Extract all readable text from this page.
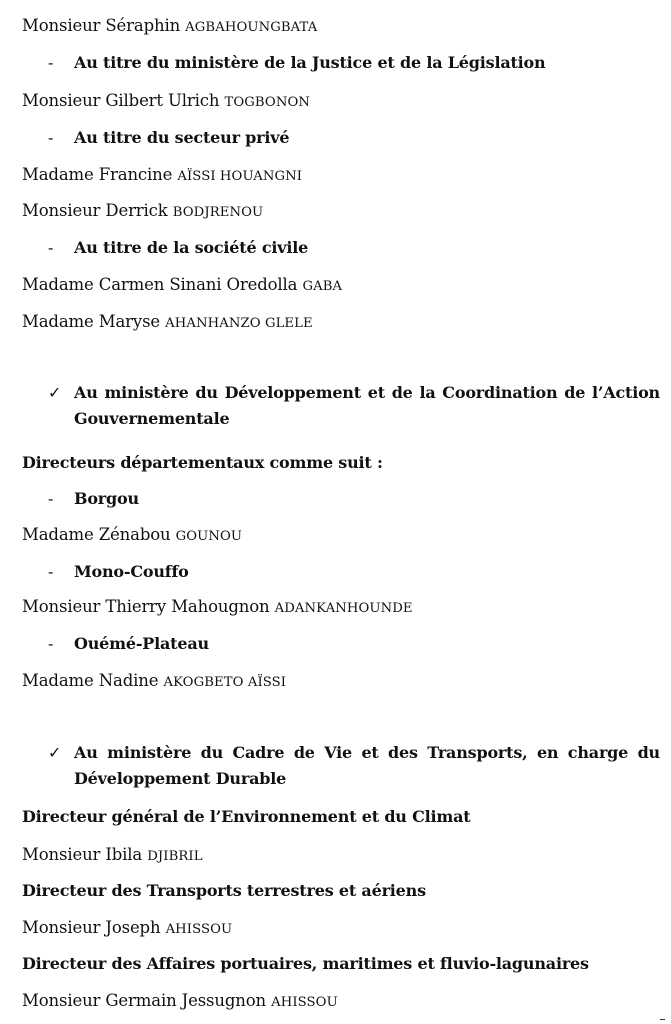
Monsieur Séraphin AGBAHOUNGBATA
- Au titre du ministère de la Justice et de la Législation
Monsieur Gilbert Ulrich TOGBONON
- Au titre du secteur privé
Madame Francine AÏSSI HOUANGNI
Monsieur Derrick BODJRENOU
- Au titre de la société civile
Madame Carmen Sinani Oredolla GABA
Madame Maryse AHANHANZO GLELE
✓ Au ministère du Développement et de la Coordination de l’Action Gouvernementale
Directeurs départementaux comme suit :
- Borgou
Madame Zénabou GOUNOU
- Mono-Couffo
Monsieur Thierry Mahougnon ADANKANHOUNDE
- Ouémé-Plateau
Madame Nadine AKOGBETO AÏSSI
✓ Au ministère du Cadre de Vie et des Transports, en charge du Développement Durable
Directeur général de l’Environnement et du Climat
Monsieur Ibila DJIBRIL
Directeur des Transports terrestres et aériens
Monsieur Joseph AHISSOU
Directeur des Affaires portuaires, maritimes et fluvio-lagunaires
Monsieur Germain Jessugnon AHISSOU
